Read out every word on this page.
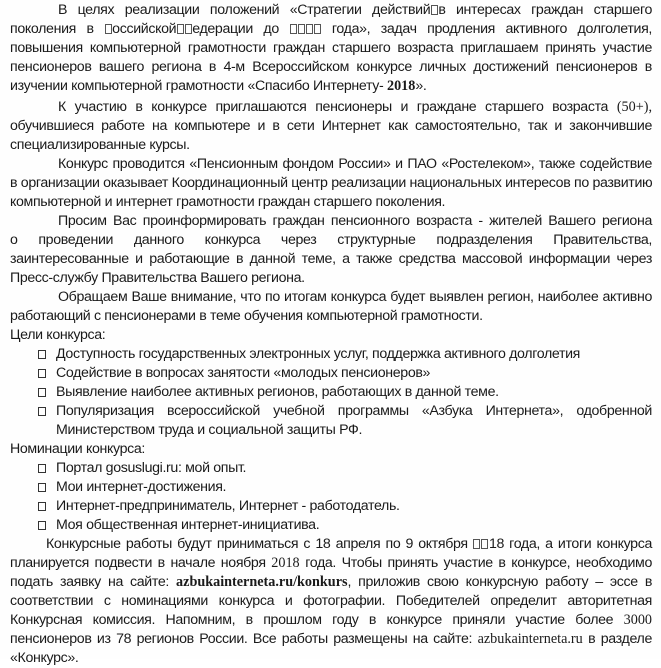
В целях реализации положений «Стратегии действий в интересах граждан старшего
поколения в оссийской едерации до	года», задач продления активного долголетия,
повышения компьютерной грамотности граждан старшего возраста приглашаем принять участие
пенсионеров вашего региона в 4-м Всероссийском конкурсе личных достижений пенсионеров в
изучении компьютерной грамотности «Спасибо Интернету- 2018».
К участию в конкурсе приглашаются пенсионеры и граждане старшего возраста (50+),
обучившиеся работе на компьютере и в сети Интернет как самостоятельно, так и закончившие
специализированные курсы.
Конкурс проводится «Пенсионным фондом России» и ПАО «Ростелеком», также содействие
в организации оказывает Координационный центр реализации национальных интересов по развитию
компьютерной и интернет грамотности граждан старшего поколения.
Просим Вас проинформировать граждан пенсионного возраста - жителей Вашего региона
о проведении данного конкурса через структурные подразделения Правительства,
заинтересованные и работающие в данной теме, а также средства массовой информации через
Пресс-службу Правительства Вашего региона.
Обращаем Ваше внимание, что по итогам конкурса будет выявлен регион, наиболее активно
работающий с пенсионерами в теме обучения компьютерной грамотности.
Цели конкурса:
Доступность государственных электронных услуг, поддержка активного долголетия
Содействие в вопросах занятости «молодых пенсионеров»
Выявление наиболее активных регионов, работающих в данной теме.
Популяризация всероссийской учебной программы «Азбука Интернета», одобренной
Министерством труда и социальной защиты РФ.
Номинации конкурса:
Портал gosuslugi.ru: мой опыт.
Мои интернет-достижения.
Интернет-предприниматель, Интернет - работодатель.
Моя общественная интернет-инициатива.
Конкурсные работы будут приниматься с 18 апреля по 9 октября 18 года, а итоги конкурса
планируется подвести в начале ноября 2018 года. Чтобы принять участие в конкурсе, необходимо
подать заявку на сайте: azbukainterneta.ru/konkurs, приложив свою конкурсную работу – эссе в
соответствии с номинациями конкурса и фотографии. Победителей определит авторитетная
Конкурсная комиссия. Напомним, в прошлом году в конкурсе приняли участие более 3000
пенсионеров из 78 регионов России. Все работы размещены на сайте: azbukainterneta.ru в разделе
«Конкурс».
